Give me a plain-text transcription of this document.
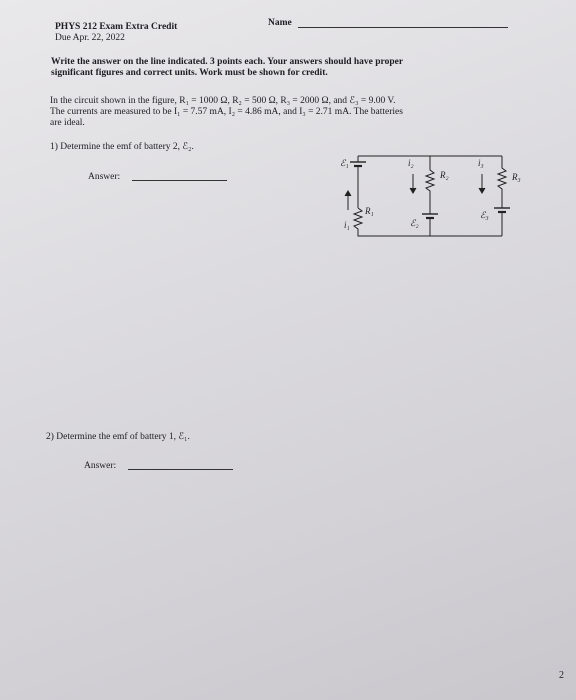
PHYS 212 Exam Extra Credit
Due Apr. 22, 2022
Name
Write the answer on the line indicated. 3 points each. Your answers should have proper
significant figures and correct units. Work must be shown for credit.
In the circuit shown in the figure, R₁ = 1000 Ω, R₂ = 500 Ω, R₃ = 2000 Ω, and ℰ₃ = 9.00 V.
The currents are measured to be I₁ = 7.57 mA, I₂ = 4.86 mA, and I₃ = 2.71 mA. The batteries
are ideal.
1) Determine the emf of battery 2, ℰ₂.
Answer:
2) Determine the emf of battery 1, ℰ₁.
Answer:
ℰ₁
i₁
R₁
i₂
R₂
ℰ₂
i₃
R₃
ℰ₃
2
